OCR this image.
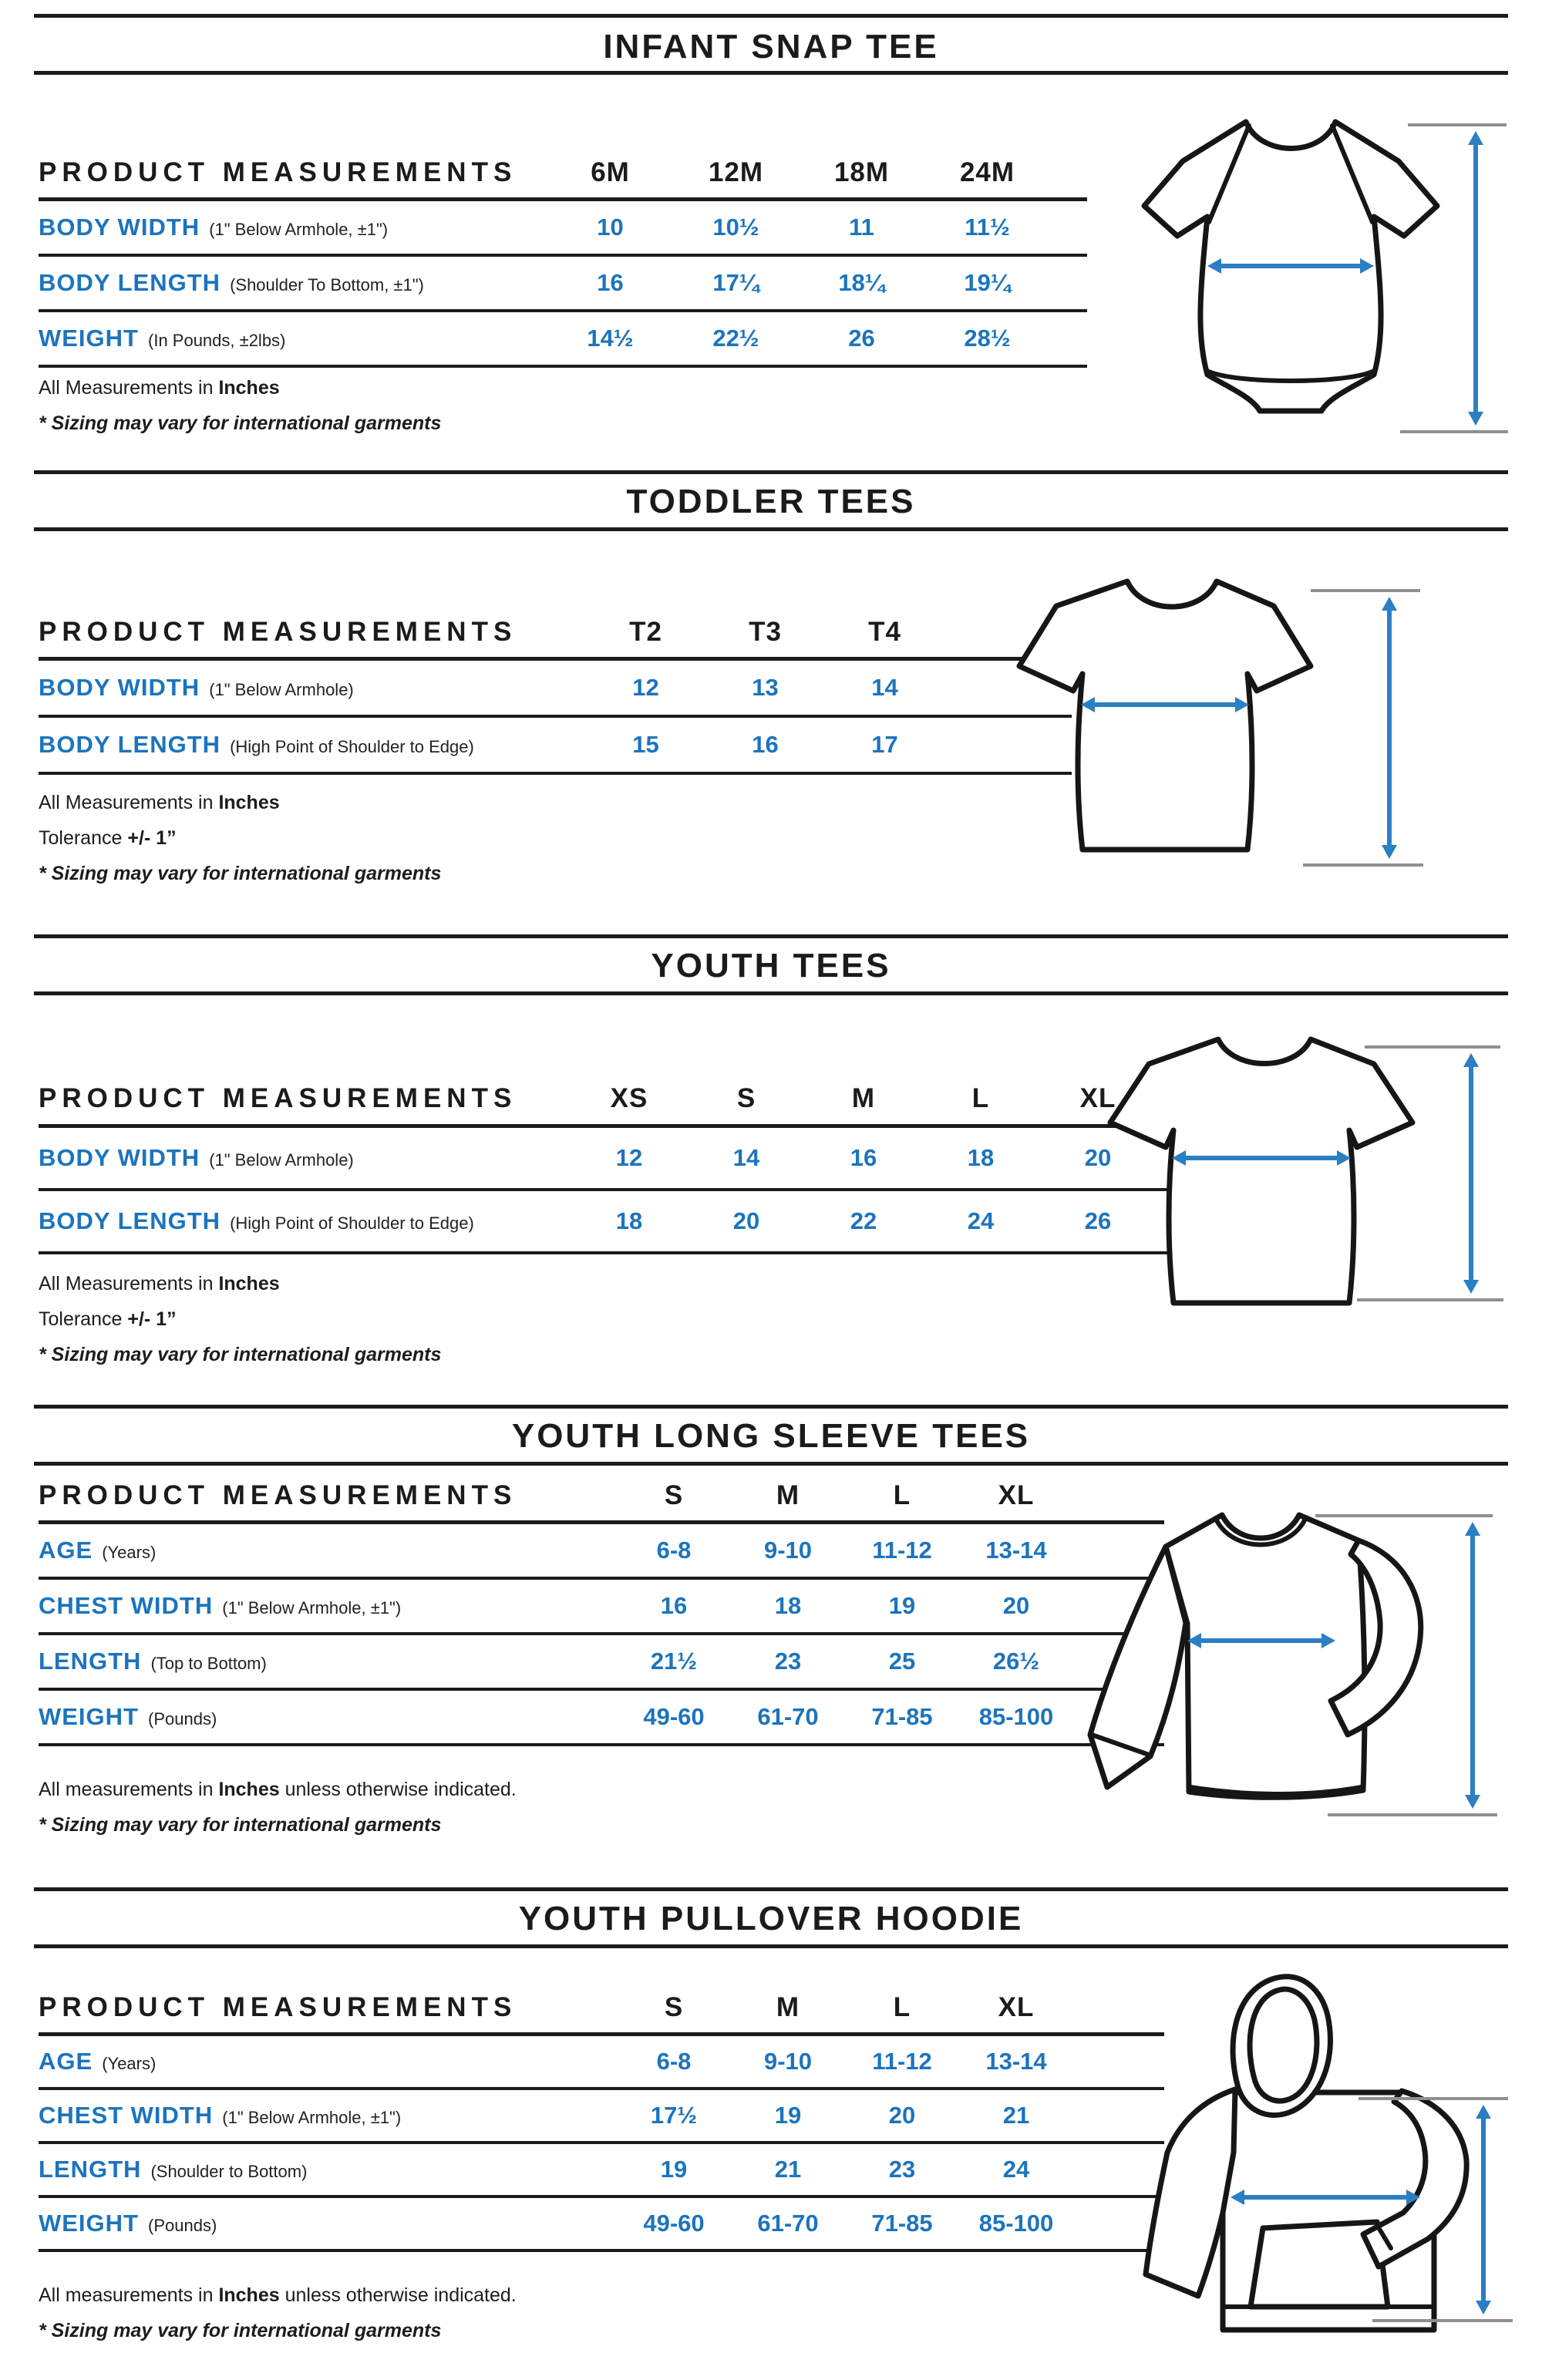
INFANT SNAP TEE
PRODUCT MEASUREMENTS	6M	12M	18M	24M
BODY WIDTH (1" Below Armhole, ±1")	10	10½	11	11½
BODY LENGTH (Shoulder To Bottom, ±1")	16	17¼	18¼	19¼
WEIGHT (In Pounds, ±2lbs)	14½	22½	26	28½
All Measurements in Inches
* Sizing may vary for international garments
TODDLER TEES
PRODUCT MEASUREMENTS	T2	T3	T4
BODY WIDTH (1" Below Armhole)	12	13	14
BODY LENGTH (High Point of Shoulder to Edge)	15	16	17
All Measurements in Inches
Tolerance +/- 1”
* Sizing may vary for international garments
YOUTH TEES
PRODUCT MEASUREMENTS	XS	S	M	L	XL
BODY WIDTH (1" Below Armhole)	12	14	16	18	20
BODY LENGTH (High Point of Shoulder to Edge)	18	20	22	24	26
All Measurements in Inches
Tolerance +/- 1”
* Sizing may vary for international garments
YOUTH LONG SLEEVE TEES
PRODUCT MEASUREMENTS	S	M	L	XL
AGE (Years)	6-8	9-10	11-12	13-14
CHEST WIDTH (1" Below Armhole, ±1")	16	18	19	20
LENGTH (Top to Bottom)	21½	23	25	26½
WEIGHT (Pounds)	49-60	61-70	71-85	85-100
All measurements in Inches unless otherwise indicated.
* Sizing may vary for international garments
YOUTH PULLOVER HOODIE
PRODUCT MEASUREMENTS	S	M	L	XL
AGE (Years)	6-8	9-10	11-12	13-14
CHEST WIDTH (1" Below Armhole, ±1")	17½	19	20	21
LENGTH (Shoulder to Bottom)	19	21	23	24
WEIGHT (Pounds)	49-60	61-70	71-85	85-100
All measurements in Inches unless otherwise indicated.
* Sizing may vary for international garments
